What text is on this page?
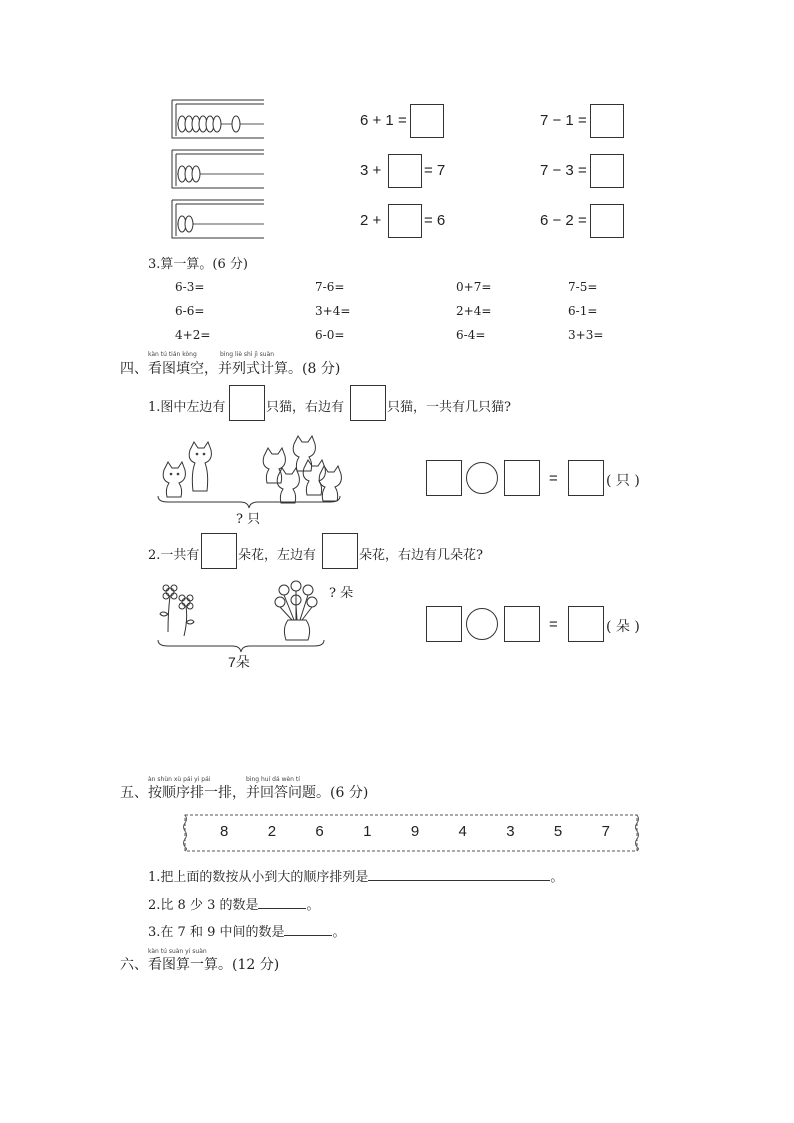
6 + 1 =	7 − 1 =
3 +	= 7	7 − 3 =
2 +	= 6	6 − 2 =
3.算一算。(6 分)
6-3=	7-6=	0+7=	7-5=
6-6=	3+4=	2+4=	6-1=
4+2=	6-0=	6-4=	3+3=
kàn tú tián kòng	bìng liè shì jì suàn
四、看图填空，并列式计算。(8 分)
1.图中左边有	只猫，右边有	只猫，一共有几只猫?
? 只
=	( 只 )
2.一共有	朵花，左边有	朵花，右边有几朵花?
? 朵
7朵
=	( 朵 )
àn shùn xù pái yi pái	bìng huí dá wèn tí
五、按顺序排一排，并回答问题。(6 分)
8	2	6	1	9	4	3	5	7
1.把上面的数按从小到大的顺序排列是	。
2.比 8 少 3 的数是	。
3.在 7 和 9 中间的数是	。
kàn tú suàn yi suàn
六、看图算一算。(12 分)
